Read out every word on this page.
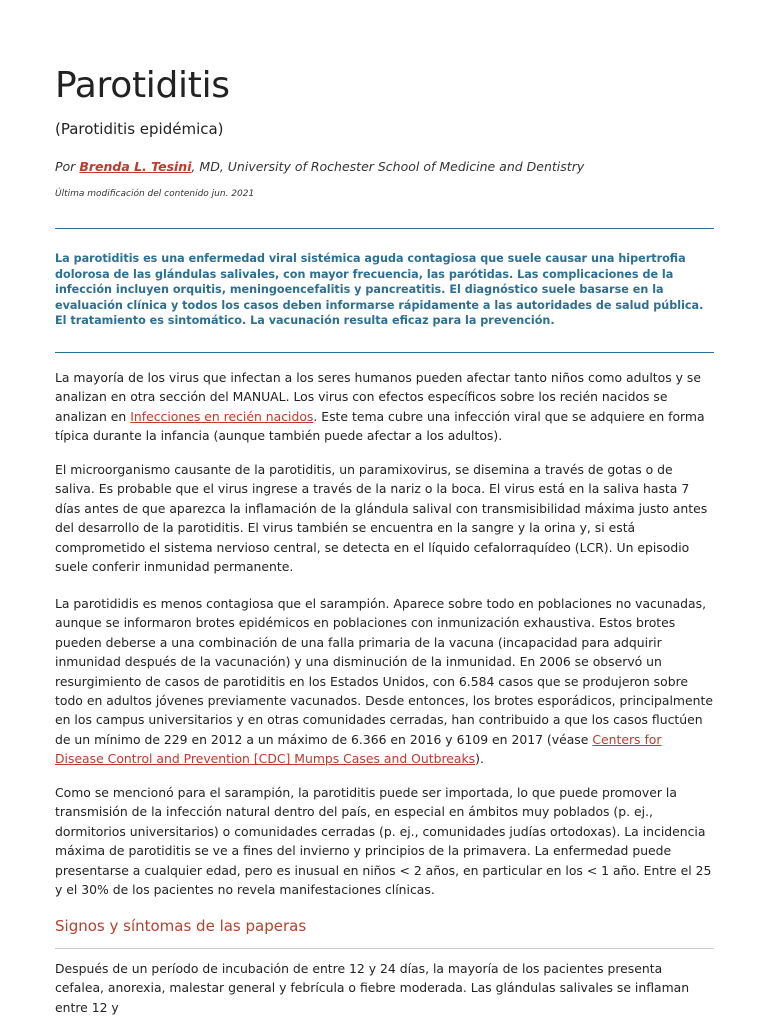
Parotiditis
(Parotiditis epidémica)
Por Brenda L. Tesini, MD, University of Rochester School of Medicine and Dentistry
Última modificación del contenido jun. 2021

La parotiditis es una enfermedad viral sistémica aguda contagiosa que suele causar una hipertrofia dolorosa de las glándulas salivales, con mayor frecuencia, las parótidas. Las complicaciones de la infección incluyen orquitis, meningoencefalitis y pancreatitis. El diagnóstico suele basarse en la evaluación clínica y todos los casos deben informarse rápidamente a las autoridades de salud pública. El tratamiento es sintomático. La vacunación resulta eficaz para la prevención.

La mayoría de los virus que infectan a los seres humanos pueden afectar tanto niños como adultos y se analizan en otra sección del MANUAL. Los virus con efectos específicos sobre los recién nacidos se analizan en Infecciones en recién nacidos. Este tema cubre una infección viral que se adquiere en forma típica durante la infancia (aunque también puede afectar a los adultos).

El microorganismo causante de la parotiditis, un paramixovirus, se disemina a través de gotas o de saliva. Es probable que el virus ingrese a través de la nariz o la boca. El virus está en la saliva hasta 7 días antes de que aparezca la inflamación de la glándula salival con transmisibilidad máxima justo antes del desarrollo de la parotiditis. El virus también se encuentra en la sangre y la orina y, si está comprometido el sistema nervioso central, se detecta en el líquido cefalorraquídeo (LCR). Un episodio suele conferir inmunidad permanente.

La parotididis es menos contagiosa que el sarampión. Aparece sobre todo en poblaciones no vacunadas, aunque se informaron brotes epidémicos en poblaciones con inmunización exhaustiva. Estos brotes pueden deberse a una combinación de una falla primaria de la vacuna (incapacidad para adquirir inmunidad después de la vacunación) y una disminución de la inmunidad. En 2006 se observó un resurgimiento de casos de parotiditis en los Estados Unidos, con 6.584 casos que se produjeron sobre todo en adultos jóvenes previamente vacunados. Desde entonces, los brotes esporádicos, principalmente en los campus universitarios y en otras comunidades cerradas, han contribuido a que los casos fluctúen de un mínimo de 229 en 2012 a un máximo de 6.366 en 2016 y 6109 en 2017 (véase Centers for Disease Control and Prevention [CDC] Mumps Cases and Outbreaks).

Como se mencionó para el sarampión, la parotiditis puede ser importada, lo que puede promover la transmisión de la infección natural dentro del país, en especial en ámbitos muy poblados (p. ej., dormitorios universitarios) o comunidades cerradas (p. ej., comunidades judías ortodoxas). La incidencia máxima de parotiditis se ve a fines del invierno y principios de la primavera. La enfermedad puede presentarse a cualquier edad, pero es inusual en niños < 2 años, en particular en los < 1 año. Entre el 25 y el 30% de los pacientes no revela manifestaciones clínicas.

Signos y síntomas de las paperas

Después de un período de incubación de entre 12 y 24 días, la mayoría de los pacientes presenta cefalea, anorexia, malestar general y febrícula o fiebre moderada. Las glándulas salivales se inflaman entre 12 y
